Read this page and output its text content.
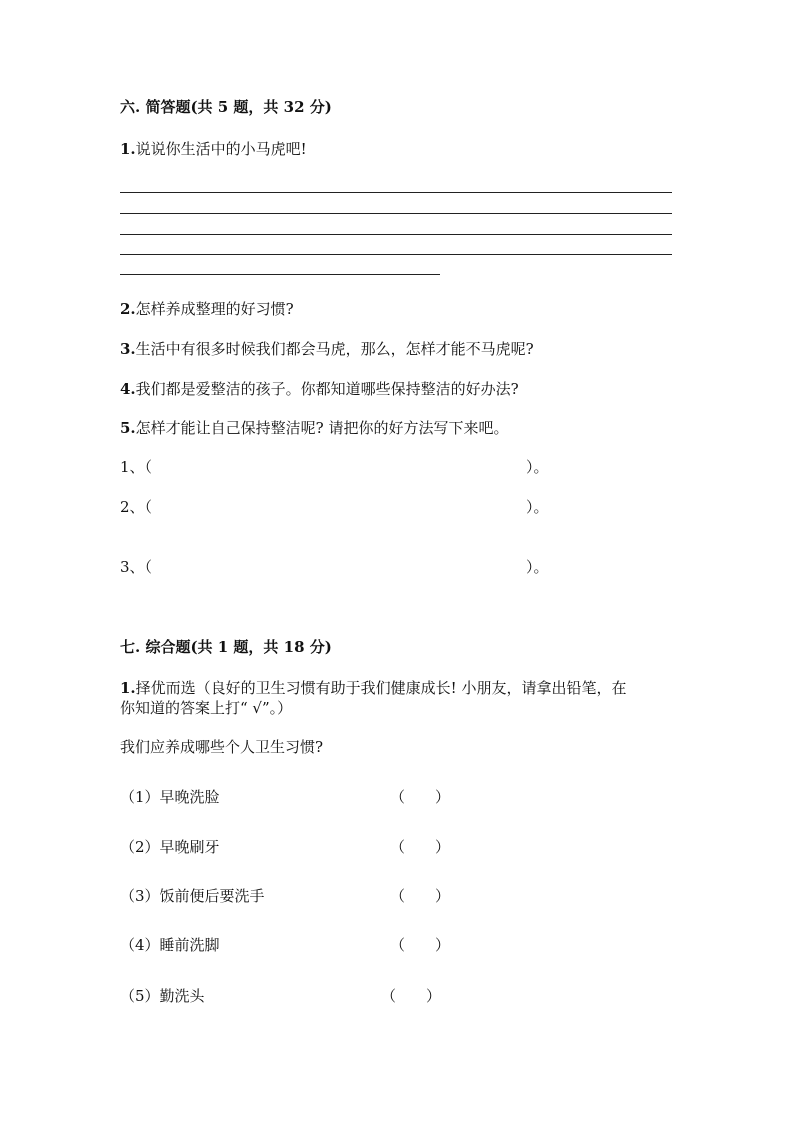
六. 简答题(共 5 题，共 32 分)
1.说说你生活中的小马虎吧!
2.怎样养成整理的好习惯?
3.生活中有很多时候我们都会马虎，那么，怎样才能不马虎呢?
4.我们都是爱整洁的孩子。你都知道哪些保持整洁的好办法?
5.怎样才能让自己保持整洁呢? 请把你的好方法写下来吧。
1、（	）。
2、（	）。
3、（	）。
七. 综合题(共 1 题，共 18 分)
1.择优而选（良好的卫生习惯有助于我们健康成长! 小朋友，请拿出铅笔，在
你知道的答案上打“ √”。）
我们应养成哪些个人卫生习惯?
（1）早晚洗脸	（　　）
（2）早晚刷牙	（　　）
（3）饭前便后要洗手	（　　）
（4）睡前洗脚	（　　）
（5）勤洗头	（　　）
